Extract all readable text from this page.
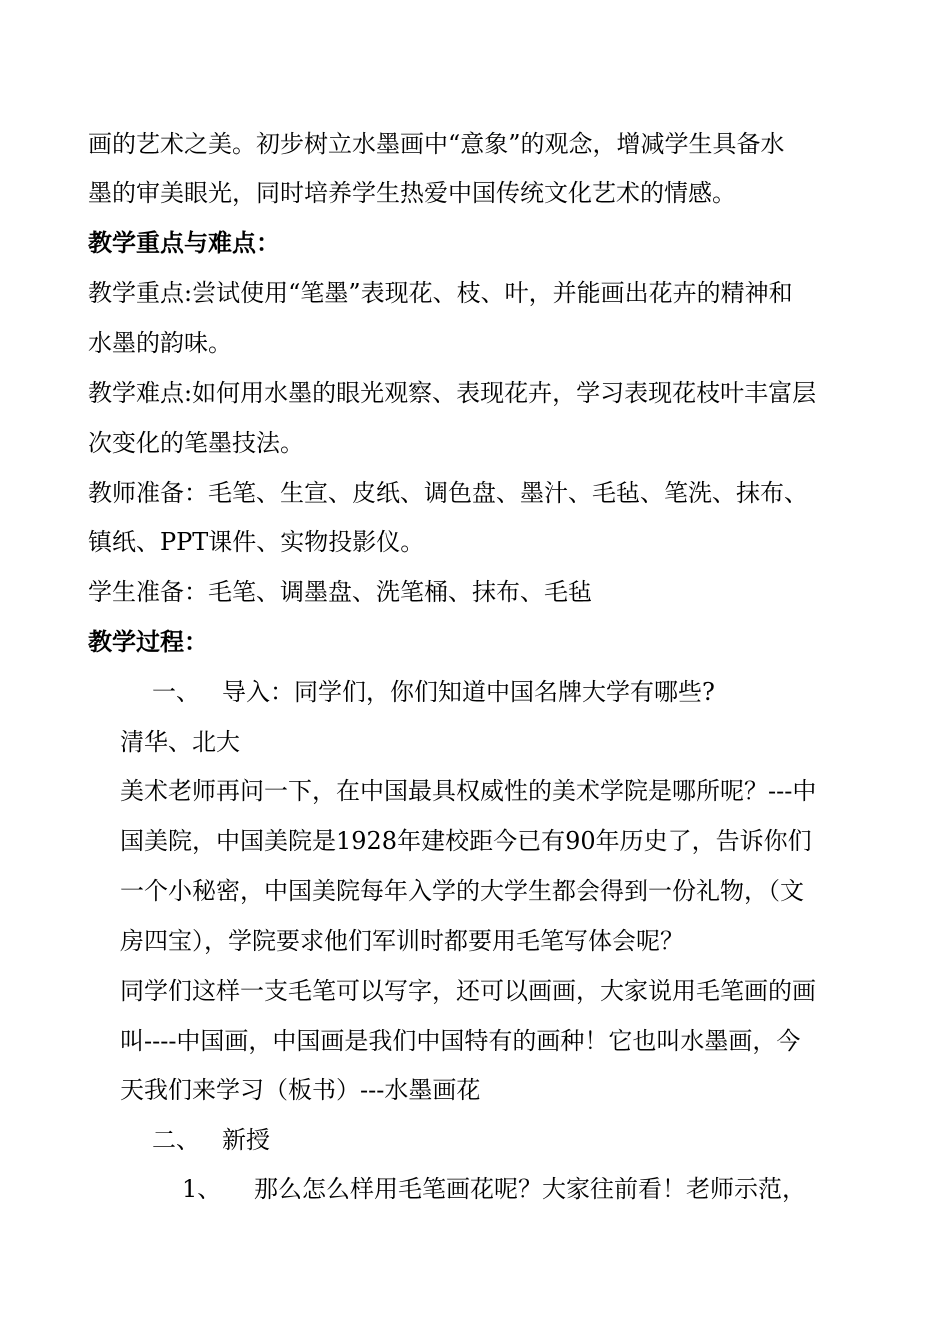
画的艺术之美。初步树立水墨画中“意象”的观念，增减学生具备水
墨的审美眼光，同时培养学生热爱中国传统文化艺术的情感。
教学重点与难点：
教学重点:尝试使用“笔墨”表现花、枝、叶，并能画出花卉的精神和
水墨的韵味。
教学难点:如何用水墨的眼光观察、表现花卉，学习表现花枝叶丰富层
次变化的笔墨技法。
教师准备：毛笔、生宣、皮纸、调色盘、墨汁、毛毡、笔洗、抹布、
镇纸、PPT课件、实物投影仪。
学生准备：毛笔、调墨盘、洗笔桶、抹布、毛毡
教学过程：
一、 导入：同学们，你们知道中国名牌大学有哪些?
清华、北大
美术老师再问一下，在中国最具权威性的美术学院是哪所呢？---中
国美院，中国美院是1928年建校距今已有90年历史了，告诉你们
一个小秘密，中国美院每年入学的大学生都会得到一份礼物，（文
房四宝），学院要求他们军训时都要用毛笔写体会呢？
同学们这样一支毛笔可以写字，还可以画画，大家说用毛笔画的画
叫----中国画，中国画是我们中国特有的画种！它也叫水墨画，今
天我们来学习（板书）---水墨画花
二、 新授
1、 那么怎么样用毛笔画花呢？大家往前看！老师示范，
